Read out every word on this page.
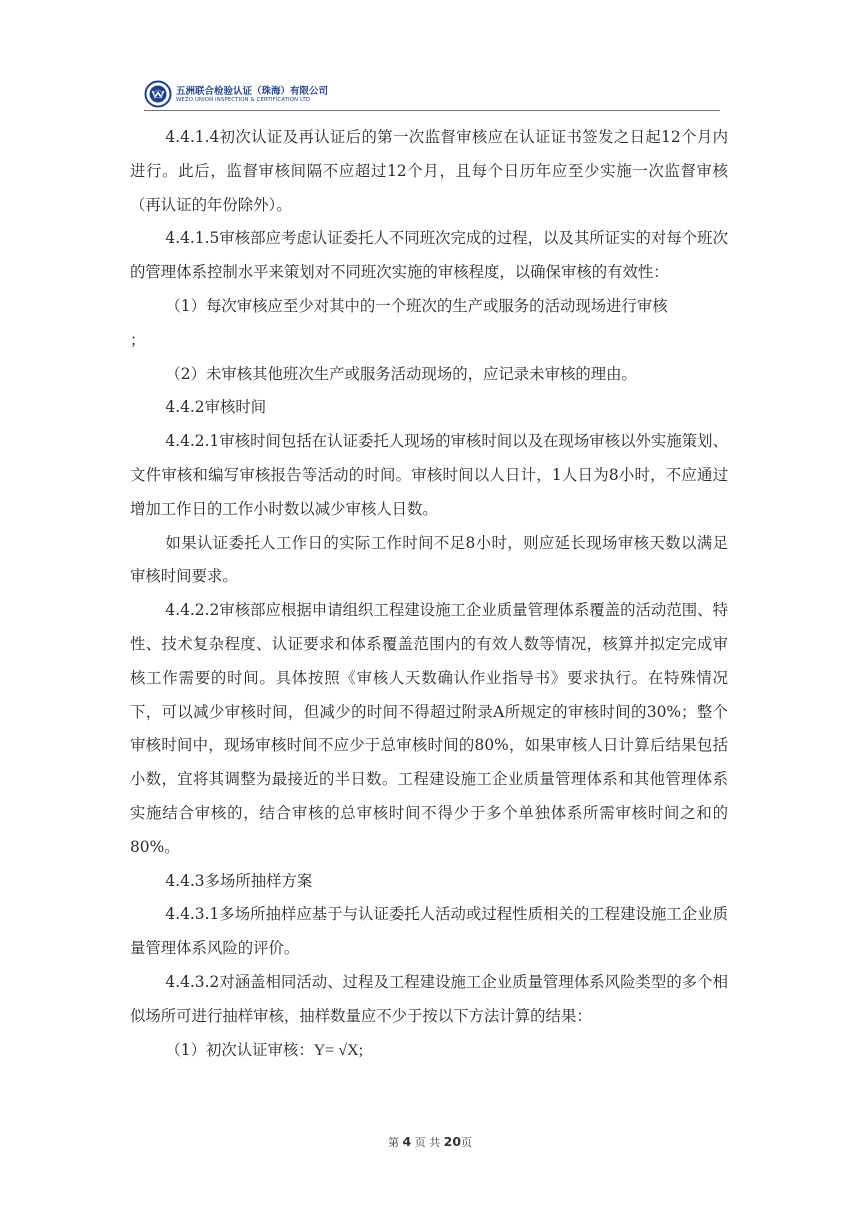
五洲联合检验认证（珠海）有限公司
WEZO UNION INSPECTION & CERTIFICATION LTD

4.4.1.4初次认证及再认证后的第一次监督审核应在认证证书签发之日起12个月内进行。此后，监督审核间隔不应超过12个月，且每个日历年应至少实施一次监督审核（再认证的年份除外）。

4.4.1.5审核部应考虑认证委托人不同班次完成的过程，以及其所证实的对每个班次的管理体系控制水平来策划对不同班次实施的审核程度，以确保审核的有效性：

（1）每次审核应至少对其中的一个班次的生产或服务的活动现场进行审核

；

（2）未审核其他班次生产或服务活动现场的，应记录未审核的理由。

4.4.2审核时间

4.4.2.1审核时间包括在认证委托人现场的审核时间以及在现场审核以外实施策划、文件审核和编写审核报告等活动的时间。审核时间以人日计，1人日为8小时，不应通过增加工作日的工作小时数以减少审核人日数。

如果认证委托人工作日的实际工作时间不足8小时，则应延长现场审核天数以满足审核时间要求。

4.4.2.2审核部应根据申请组织工程建设施工企业质量管理体系覆盖的活动范围、特性、技术复杂程度、认证要求和体系覆盖范围内的有效人数等情况，核算并拟定完成审核工作需要的时间。具体按照《审核人天数确认作业指导书》要求执行。在特殊情况下，可以减少审核时间，但减少的时间不得超过附录A所规定的审核时间的30%；整个审核时间中，现场审核时间不应少于总审核时间的80%，如果审核人日计算后结果包括小数，宜将其调整为最接近的半日数。工程建设施工企业质量管理体系和其他管理体系实施结合审核的，结合审核的总审核时间不得少于多个单独体系所需审核时间之和的80%。

4.4.3多场所抽样方案

4.4.3.1多场所抽样应基于与认证委托人活动或过程性质相关的工程建设施工企业质量管理体系风险的评价。

4.4.3.2对涵盖相同活动、过程及工程建设施工企业质量管理体系风险类型的多个相似场所可进行抽样审核，抽样数量应不少于按以下方法计算的结果：

（1）初次认证审核：Y= √X;

第 4 页 共 20页
